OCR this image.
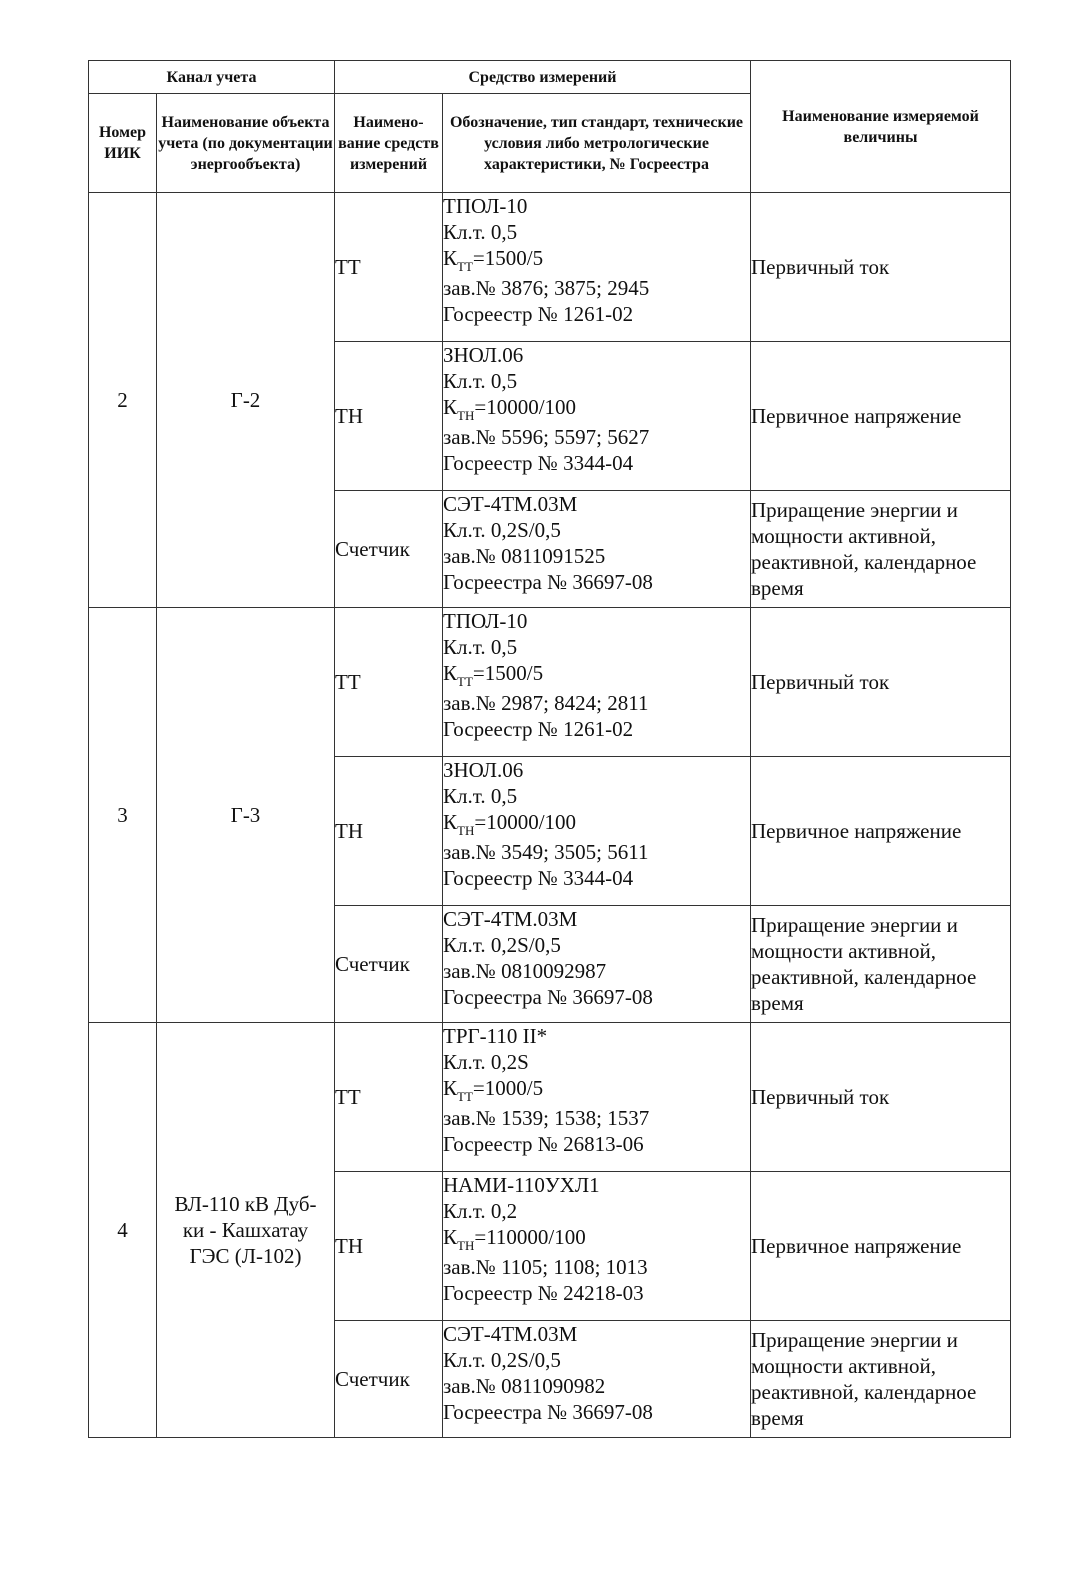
Канал учета		Средство измерений		Наименование измеряемой величины
Номер ИИК	Наименование объекта учета (по документации энергообъекта)	Наимено-вание средств измерений	Обозначение, тип стандарт, технические условия либо метрологические характеристики, № Госреестра	
2	Г-2	ТТ	ТПОЛ-10
Кл.т. 0,5
$К_{ТТ}=1500/5$
зав.№ 3876; 3875; 2945
Госреестр № 1261-02	Первичный ток
		ТН	ЗНОЛ.06
Кл.т. 0,5
$К_{ТН}=10000/100$
зав.№ 5596; 5597; 5627
Госреестр № 3344-04	Первичное напряжение
		Счетчик	СЭТ-4ТМ.03М
Кл.т. 0,2S/0,5
зав.№ 0811091525
Госреестра № 36697-08	Приращение энергии и мощности активной, реактивной, календарное время
3	Г-3	ТТ	ТПОЛ-10
Кл.т. 0,5
$К_{ТТ}=1500/5$
зав.№ 2987; 8424; 2811
Госреестр № 1261-02	Первичный ток
		ТН	ЗНОЛ.06
Кл.т. 0,5
$К_{ТН}=10000/100$
зав.№ 3549; 3505; 5611
Госреестр № 3344-04	Первичное напряжение
		Счетчик	СЭТ-4ТМ.03М
Кл.т. 0,2S/0,5
зав.№ 0810092987
Госреестра № 36697-08	Приращение энергии и мощности активной, реактивной, календарное время
4	ВЛ-110 кВ Дуб-
ки - Кашхатау
ГЭС (Л-102)	ТТ	ТРГ-110 II*
Кл.т. 0,2S
$К_{ТТ}=1000/5$
зав.№ 1539; 1538; 1537
Госреестр № 26813-06	Первичный ток
		ТН	НАМИ-110УХЛ1
Кл.т. 0,2
$К_{ТН}=110000/100$
зав.№ 1105; 1108; 1013
Госреестр № 24218-03	Первичное напряжение
		Счетчик	СЭТ-4ТМ.03М
Кл.т. 0,2S/0,5
зав.№ 0811090982
Госреестра № 36697-08	Приращение энергии и мощности активной, реактивной, календарное время
